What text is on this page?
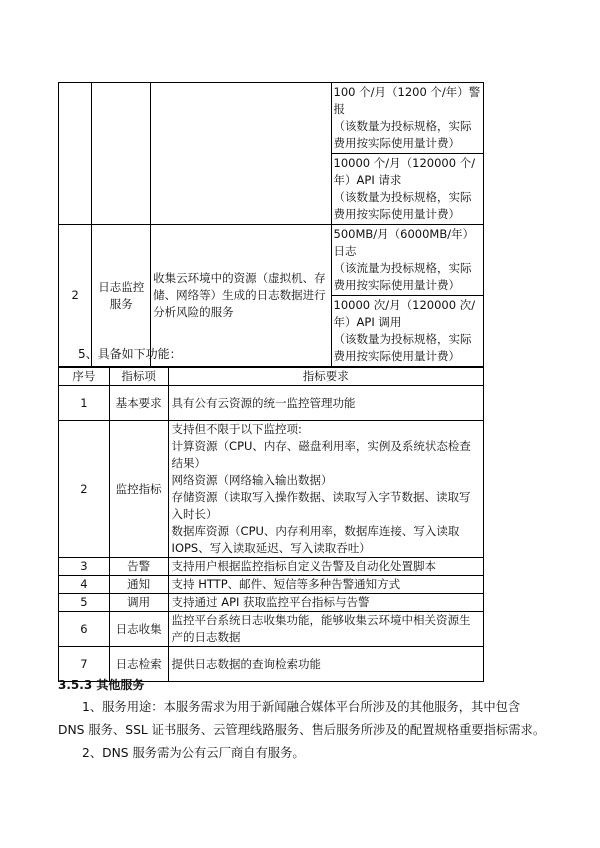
			100 个/月（1200 个/年）警报
（该数量为投标规格，实际费用按实际使用量计费）

			10000 个/月（120000 个/年）API 请求
（该数量为投标规格，实际费用按实际使用量计费）

2	日志监控服务	收集云环境中的资源（虚拟机、存储、网络等）生成的日志数据进行分析风险的服务	500MB/月（6000MB/年）日志
（该流量为投标规格，实际费用按实际使用量计费）

			10000 次/月（120000 次/年）API 调用
（该数量为投标规格，实际费用按实际使用量计费）
5、具备如下功能：
序号	指标项	指标要求
1	基本要求	具有公有云资源的统一监控管理功能
2	监控指标	支持但不限于以下监控项:
计算资源（CPU、内存、磁盘利用率，实例及系统状态检查结果）
网络资源（网络输入输出数据）
存储资源（读取写入操作数据、读取写入字节数据、读取写入时长）
数据库资源（CPU、内存利用率，数据库连接、写入读取IOPS、写入读取延迟、写入读取吞吐）

3	告警	支持用户根据监控指标自定义告警及自动化处置脚本
4	通知	支持 HTTP、邮件、短信等多种告警通知方式
5	调用	支持通过 API 获取监控平台指标与告警
6	日志收集	监控平台系统日志收集功能，能够收集云环境中相关资源生产的日志数据
7	日志检索	提供日志数据的查询检索功能
3.5.3 其他服务
1、服务用途：本服务需求为用于新闻融合媒体平台所涉及的其他服务，其中包含 DNS 服务、SSL 证书服务、云管理线路服务、售后服务所涉及的配置规格重要指标需求。
2、DNS 服务需为公有云厂商自有服务。
